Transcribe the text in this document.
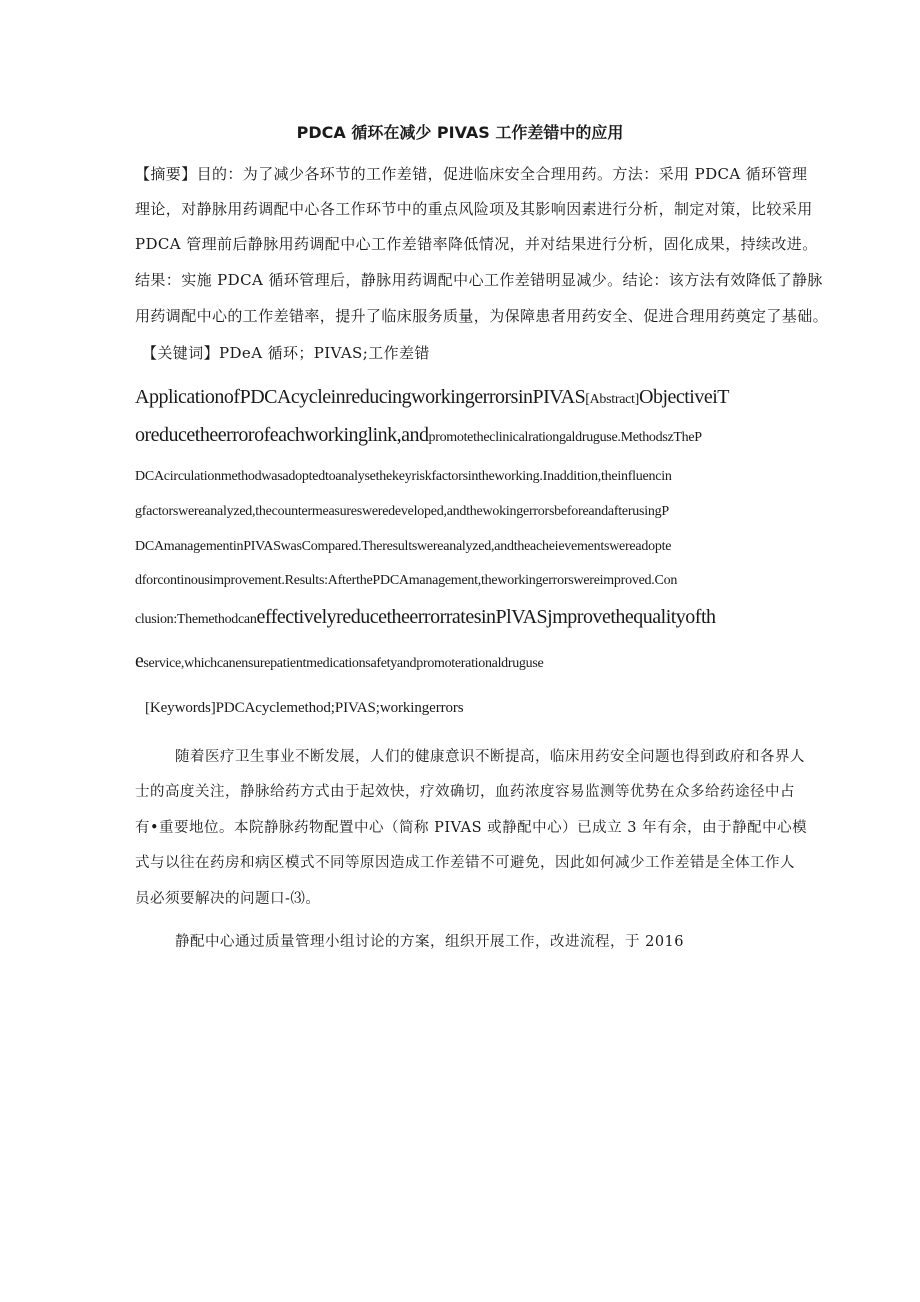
PDCA 循环在减少 PIVAS 工作差错中的应用

【摘要】目的：为了减少各环节的工作差错，促进临床安全合理用药。方法：采用 PDCA 循环管理

理论，对静脉用药调配中心各工作环节中的重点风险项及其影响因素进行分析，制定对策，比较采用

PDCA 管理前后静脉用药调配中心工作差错率降低情况，并对结果进行分析，固化成果，持续改进。

结果：实施 PDCA 循环管理后，静脉用药调配中心工作差错明显减少。结论：该方法有效降低了静脉

用药调配中心的工作差错率，提升了临床服务质量，为保障患者用药安全、促进合理用药奠定了基础。

【关键词】PDeA 循环；PIVAS;工作差错

ApplicationofPDCAcycleinreducingworkingerrorsinPIVAS[Abstract]ObjectiveiT

oreducetheerrorofeachworkinglink,andpromotetheclinicalrationgaldruguse.MethodszTheP

DCAcirculationmethodwasadoptedtoanalysethekeyriskfactorsintheworking.Inaddition,theinfluencin

gfactorswereanalyzed,thecountermeasuresweredeveloped,andthewokingerrorsbeforeandafterusingP

DCAmanagementinPIVASwasCompared.Theresultswereanalyzed,andtheacheievementswereadopte

dforcontinousimprovement.Results:AfterthePDCAmanagement,theworkingerrorswereimproved.Con

clusion:ThemethodcaneffectivelyreducetheerrorratesinPlVASjmprovethequalityofth

eservice,whichcanensurepatientmedicationsafetyandpromoterationaldruguse

[Keywords]PDCAcyclemethod;PIVAS;workingerrors

随着医疗卫生事业不断发展，人们的健康意识不断提高，临床用药安全问题也得到政府和各界人

士的高度关注，静脉给药方式由于起效快，疗效确切，血药浓度容易监测等优势在众多给药途径中占

有•重要地位。本院静脉药物配置中心（简称 PIVAS 或静配中心）已成立 3 年有余，由于静配中心模

式与以往在药房和病区模式不同等原因造成工作差错不可避免，因此如何减少工作差错是全体工作人

员必须要解决的问题口-⑶。

静配中心通过质量管理小组讨论的方案，组织开展工作，改进流程，于 2016
